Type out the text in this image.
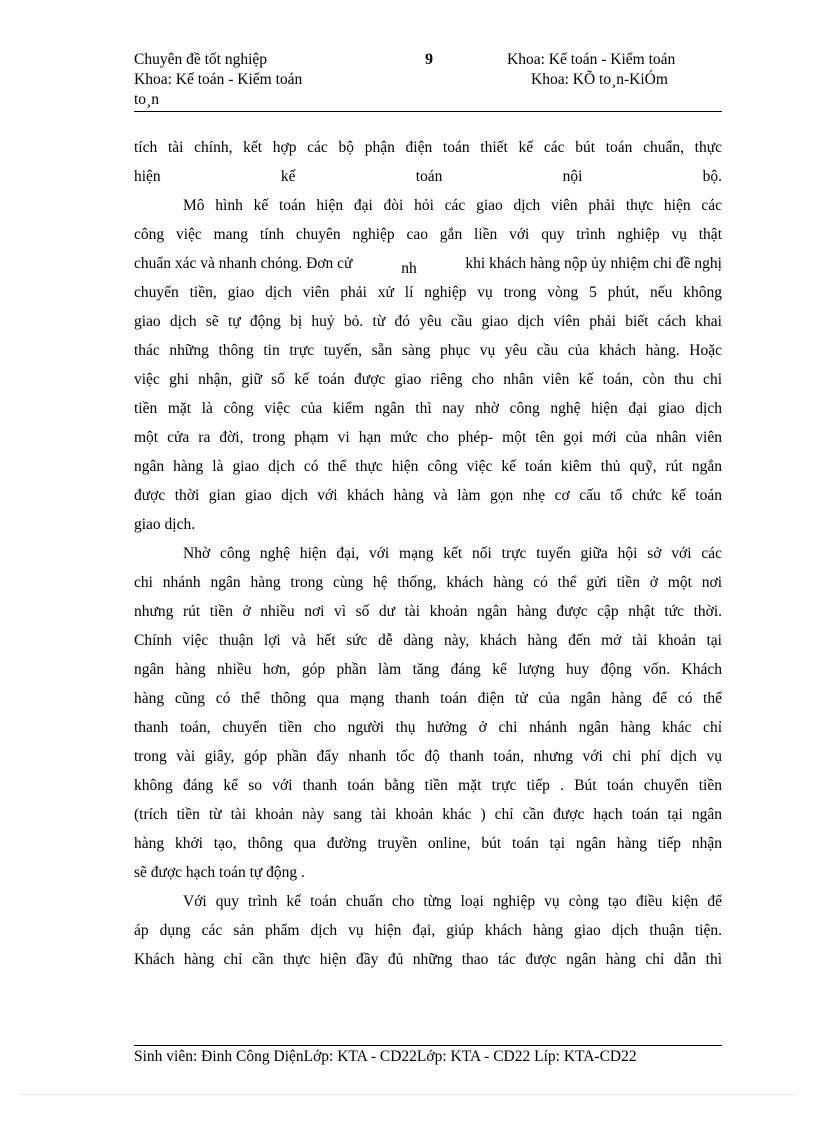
Chuyên đề tốt nghiệp
Khoa: Kế toán - Kiểm toán
to¸n
9	Khoa: Kế toán - Kiểm toán
Khoa: KÕ to¸n-KiÓm
tích tài chính, kết hợp các bộ phận điện toán thiết kế các bút toán chuẩn, thực
hiện kế toán nội bộ.
Mô hình kế toán hiện đại đòi hỏi các giao dịch viên phải thực hiện các
công việc mang tính chuyên nghiệp cao gắn liền với quy trình nghiệp vụ thật
chuẩn xác và nhanh chóng. Đơn cử	nh	khi khách hàng nộp ủy nhiệm chi đề nghị
chuyển tiền, giao dịch viên phải xử lí nghiệp vụ trong vòng 5 phút, nếu không
giao dịch sẽ tự động bị huỷ bỏ. từ đó yêu cầu giao dịch viên phải biết cách khai
thác những thông tin trực tuyến, sẵn sàng phục vụ yêu cầu của khách hàng. Hoặc
việc ghi nhận, giữ sổ kế toán được giao riêng cho nhân viên kế toán, còn thu chi
tiền mặt là công việc của kiểm ngân thì nay nhờ công nghệ hiện đại giao dịch
một cửa ra đời, trong phạm vi hạn mức cho phép- một tên gọi mới của nhân viên
ngân hàng là giao dịch có thể thực hiện công việc kế toán kiêm thủ quỹ, rút ngắn
được thời gian giao dịch với khách hàng và làm gọn nhẹ cơ cấu tổ chức kế toán
giao dịch.
Nhờ công nghệ hiện đại, với mạng kết nối trực tuyến giữa hội sở với các
chi nhánh ngân hàng trong cùng hệ thống, khách hàng có thể gửi tiền ở một nơi
nhưng rút tiền ở nhiều nơi vì số dư tài khoản ngân hàng được cập nhật tức thời.
Chính việc thuận lợi và hết sức dễ dàng này, khách hàng đến mở tài khoản tại
ngân hàng nhiều hơn, góp phần làm tăng đáng kể lượng huy động vốn. Khách
hàng cũng có thể thông qua mạng thanh toán điện tử của ngân hàng để có thể
thanh toán, chuyển tiền cho người thụ hưởng ở chi nhánh ngân hàng khác chỉ
trong vài giây, góp phần đẩy nhanh tốc độ thanh toán, nhưng với chi phí dịch vụ
không đáng kể so với thanh toán bằng tiền mặt trực tiếp . Bút toán chuyển tiền
(trích tiền từ tài khoản này sang tài khoản khác ) chỉ cần được hạch toán tại ngân
hàng khởi tạo, thông qua đường truyền online, bút toán tại ngân hàng tiếp nhận
sẽ được hạch toán tự động .
Với quy trình kế toán chuẩn cho từng loại nghiệp vụ còng tạo điều kiện để
áp dụng các sản phẩm dịch vụ hiện đại, giúp khách hàng giao dịch thuận tiện.
Khách hàng chỉ cần thực hiện đầy đủ những thao tác được ngân hàng chỉ dẫn thì
Sinh viên: Đinh Công DiệnLớp: KTA - CD22Lớp: KTA - CD22 Líp: KTA-CD22
